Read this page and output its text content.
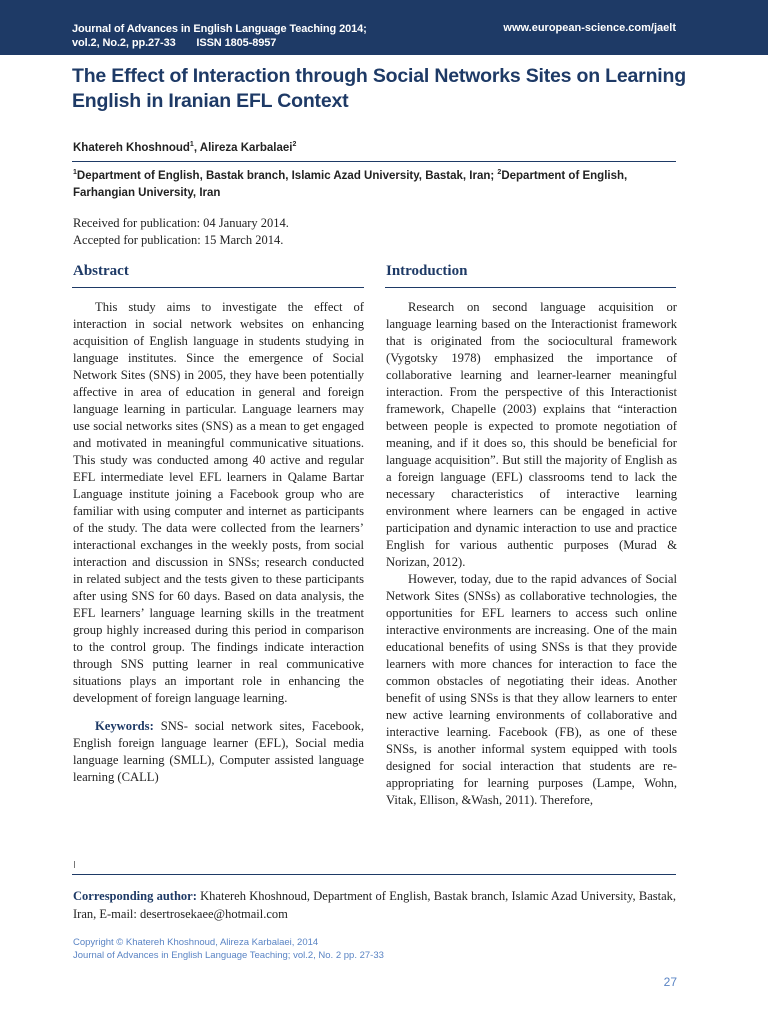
Journal of Advances in English Language Teaching 2014;
vol.2, No.2, pp.27-33 ISSN 1805-8957
www.european-science.com/jaelt
The Effect of Interaction through Social Networks Sites on Learning English in Iranian EFL Context
Khatereh Khoshnoud$^1$, Alireza Karbalaei$^2$
$^1$Department of English, Bastak branch, Islamic Azad University, Bastak, Iran; $^2$Department of English, Farhangian University, Iran
Received for publication: 04 January 2014.
Accepted for publication: 15 March 2014.
Abstract	Introduction

This study aims to investigate the effect of interaction in social network websites on enhancing acquisition of English language in students studying in language institutes. Since the emergence of Social Network Sites (SNS) in 2005, they have been potentially affective in area of education in general and foreign language learning in particular. Language learners may use social networks sites (SNS) as a mean to get engaged and motivated in meaningful communicative situations. This study was conducted among 40 active and regular EFL intermediate level EFL learners in Qalame Bartar Language institute joining a Facebook group who are familiar with using computer and internet as participants of the study. The data were collected from the learners’ interactional exchanges in the weekly posts, from social interaction and discussion in SNSs; research conducted in related subject and the tests given to these participants after using SNS for 60 days. Based on data analysis, the EFL learners’ language learning skills in the treatment group highly increased during this period in comparison to the control group. The findings indicate interaction through SNS putting learner in real communicative situations plays an important role in enhancing the development of foreign language learning.

Keywords: SNS- social network sites, Facebook, English foreign language learner (EFL), Social media language learning (SMLL), Computer assisted language learning (CALL)

Research on second language acquisition or language learning based on the Interactionist framework that is originated from the sociocultural framework (Vygotsky 1978) emphasized the importance of collaborative learning and learner-learner meaningful interaction. From the perspective of this Interactionist framework, Chapelle (2003) explains that “interaction between people is expected to promote negotiation of meaning, and if it does so, this should be beneficial for language acquisition”. But still the majority of English as a foreign language (EFL) classrooms tend to lack the necessary characteristics of interactive learning environment where learners can be engaged in active participation and dynamic interaction to use and practice English for various authentic purposes (Murad & Norizan, 2012).

However, today, due to the rapid advances of Social Network Sites (SNSs) as collaborative technologies, the opportunities for EFL learners to access such online interactive environments are increasing. One of the main educational benefits of using SNSs is that they provide learners with more chances for interaction to face the common obstacles of negotiating their ideas. Another benefit of using SNSs is that they allow learners to enter new active learning environments of collaborative and interactive learning. Facebook (FB), as one of these SNSs, is another informal system equipped with tools designed for social interaction that students are re-appropriating for learning purposes (Lampe, Wohn, Vitak, Ellison, &Wash, 2011). Therefore,

Corresponding author: Khatereh Khoshnoud, Department of English, Bastak branch, Islamic Azad University, Bastak, Iran, E-mail: desertrosekaee@hotmail.com
Copyright © Khatereh Khoshnoud, Alireza Karbalaei, 2014
Journal of Advances in English Language Teaching; vol.2, No. 2 pp. 27-33
27
